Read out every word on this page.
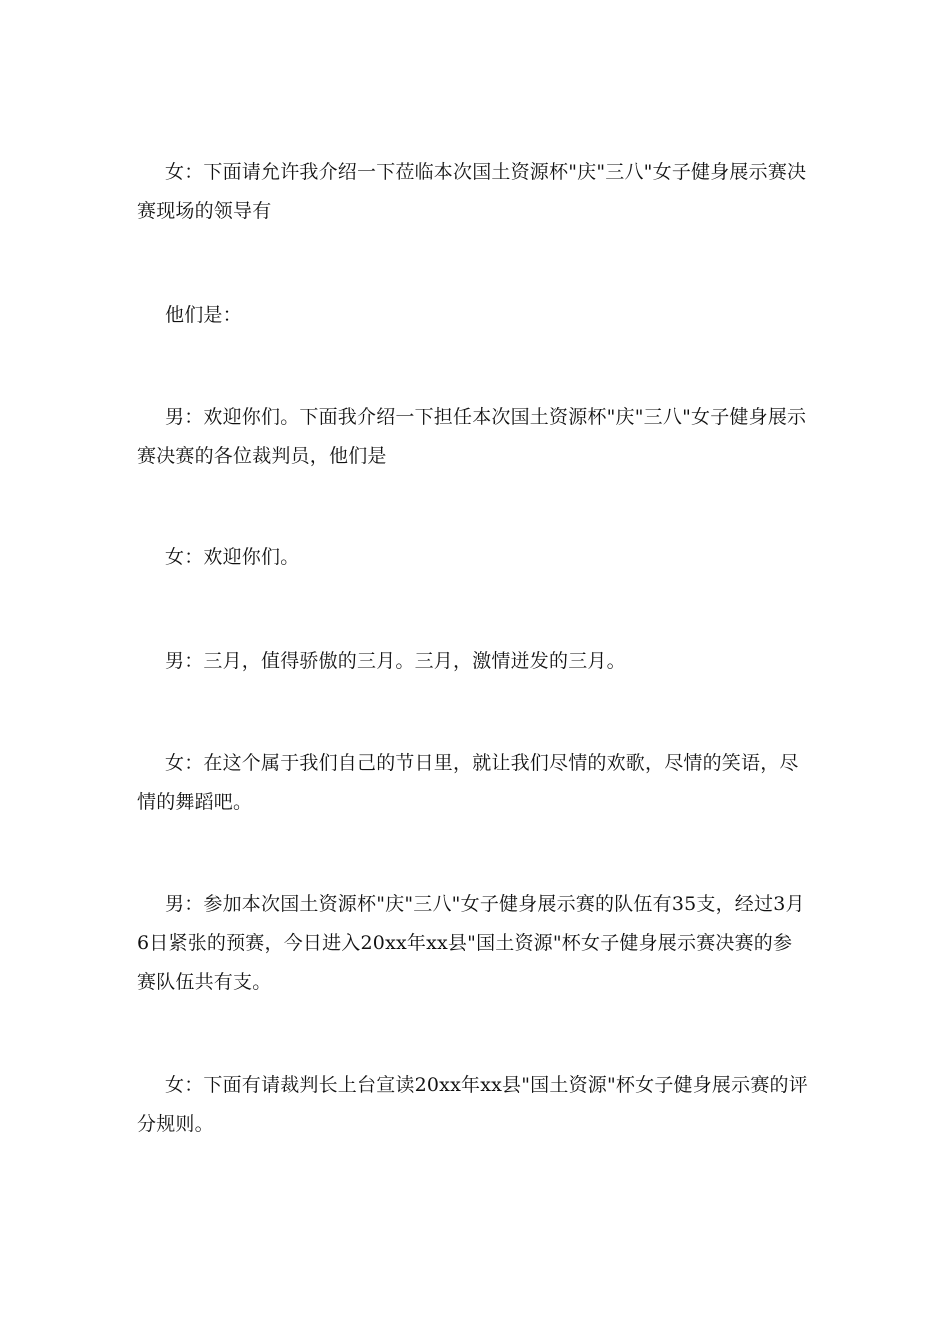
女：下面请允许我介绍一下莅临本次国土资源杯"庆"三八"女子健身展示赛决赛现场的领导有

他们是：

男：欢迎你们。下面我介绍一下担任本次国土资源杯"庆"三八"女子健身展示赛决赛的各位裁判员，他们是

女：欢迎你们。

男：三月，值得骄傲的三月。三月，激情迸发的三月。

女：在这个属于我们自己的节日里，就让我们尽情的欢歌，尽情的笑语，尽情的舞蹈吧。

男：参加本次国土资源杯"庆"三八"女子健身展示赛的队伍有35支，经过3月6日紧张的预赛，今日进入20xx年xx县"国土资源"杯女子健身展示赛决赛的参赛队伍共有支。

女：下面有请裁判长上台宣读20xx年xx县"国土资源"杯女子健身展示赛的评分规则。
